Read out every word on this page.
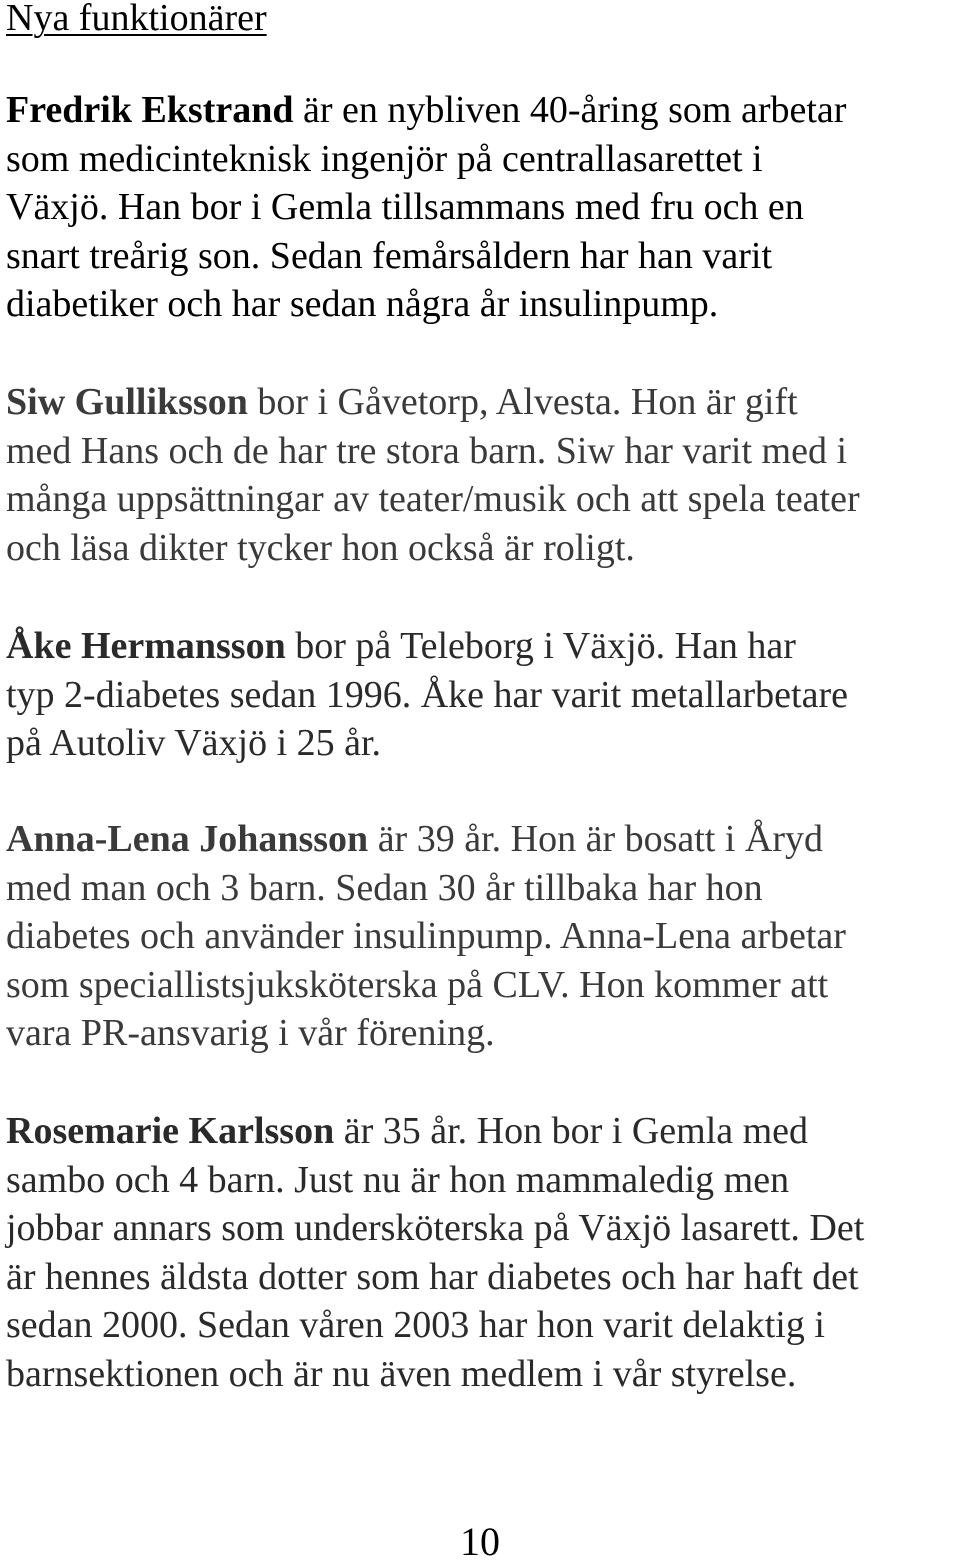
Nya funktionärer

Fredrik Ekstrand är en nybliven 40-åring som arbetar
som medicinteknisk ingenjör på centrallasarettet i
Växjö. Han bor i Gemla tillsammans med fru och en
snart treårig son. Sedan femårsåldern har han varit
diabetiker och har sedan några år insulinpump.

Siw Gulliksson bor i Gåvetorp, Alvesta. Hon är gift
med Hans och de har tre stora barn. Siw har varit med i
många uppsättningar av teater/musik och att spela teater
och läsa dikter tycker hon också är roligt.

Åke Hermansson bor på Teleborg i Växjö. Han har
typ 2-diabetes sedan 1996. Åke har varit metallarbetare
på Autoliv Växjö i 25 år.

Anna-Lena Johansson är 39 år. Hon är bosatt i Åryd
med man och 3 barn. Sedan 30 år tillbaka har hon
diabetes och använder insulinpump. Anna-Lena arbetar
som speciallistsjuksköterska på CLV. Hon kommer att
vara PR-ansvarig i vår förening.

Rosemarie Karlsson är 35 år. Hon bor i Gemla med
sambo och 4 barn. Just nu är hon mammaledig men
jobbar annars som undersköterska på Växjö lasarett. Det
är hennes äldsta dotter som har diabetes och har haft det
sedan 2000. Sedan våren 2003 har hon varit delaktig i
barnsektionen och är nu även medlem i vår styrelse.

10
